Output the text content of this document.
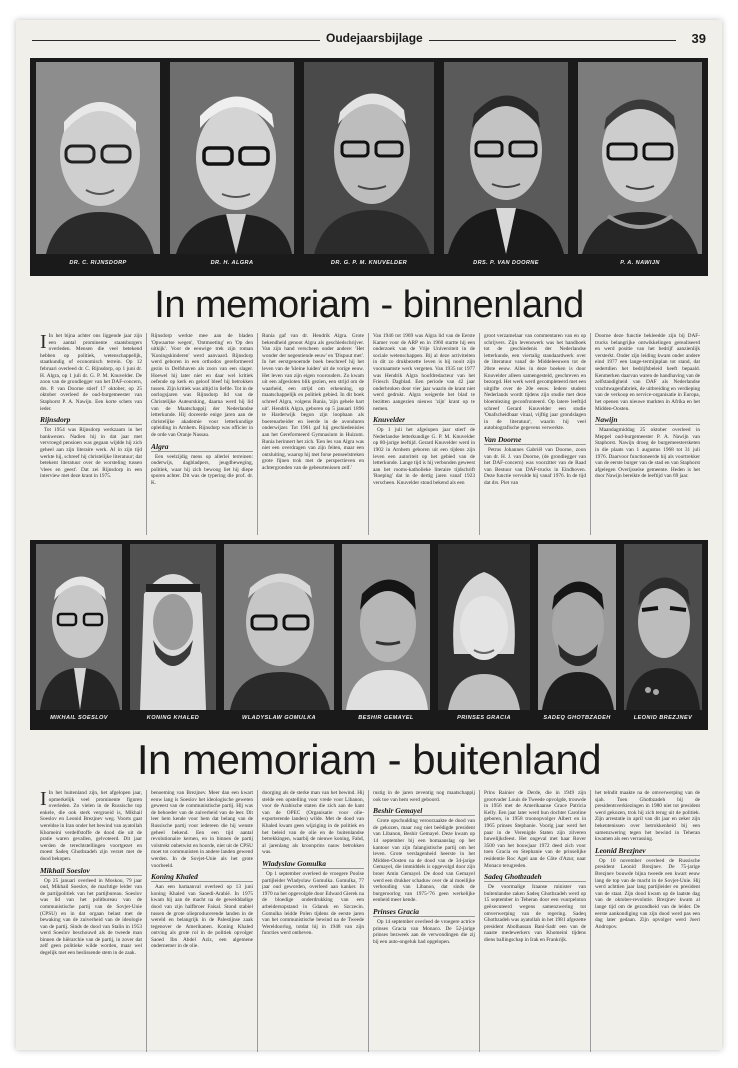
Oudejaarsbijlage	39
DR. C. RIJNSDORP	DR. H. ALGRA	DR. G. P. M. KNUVELDER	DRS. P. VAN DOORNE	P. A. NAWIJN
In memoriam - binnenland

I In het bijna achter ons liggende jaar zijn een aantal prominente staatsburgers overleden. Mensen die veel betekend hebben op politiek, wetenschappelijk, staatkundig of economisch terrein. Op 12 februari overleed dr. C. Rijnsdorp, op 1 juni dr. H. Algra, op 1 juli dr. G. P. M. Knuvelder. De zoon van de grondlegger van het DAF-concern, drs. P. van Doorne stierf 17 oktober, op 25 oktober overleed de oud-burgemeester van Staphorst P. A. Nawijn. Een korte schets van ieder.

Rijnsdorp

Tot 1954 was Rijnsdorp werkzaam in het bankwezen. Nadien hij in dat jaar met vervroegd pensioen was gegaan wijdde hij zich geheel aan zijn literaire werk. Al in zijn tijd werkte hij, schreef hij christelijke literatuur; dat betekent literatuur over de worsteling tussen 'vlees en geest'. Dat zei Rijnsdorp in een interview met deze krant in 1975.

Rijnsdorp werkte mee aan de bladen 'Opwaartse wegen', 'Ontmoeting' en 'Op den uitkijk'. Voor de eeuwige trek zijn roman 'Koningskinderen' werd aanvaard. Rijnsdorp werd geboren in een orthodox gereformeerd gezin in Delfshaven als zoon van een slager. Hoewel hij later niet en daar wel kritiek oefende op kerk en geloof bleef hij betrokken tussen. Zijn kritiek was altijd in liefde. Tot in de oorlogsjaren was Rijnsdorp lid van de Christelijke Auteursking, daarna werd hij lid van de Maatschappij der Nederlandse letterkunde. Hij doceerde enige jaren aan de christelijke akademie voor letterkundige opleiding in Arnhem. Rijnsdorp was officier in de orde van Oranje Nassau.

Algra

Een veelzijdig mens op allerlei terreinen: onderwijs, dagbladpers, jeugdbeweging, politiek, waar hij zich bewoog liet hij diepe sporen achter. Dit was de typering die prof. dr. K.

Runia gaf van dr. Hendrik Algra. Grote bekendheid genoot Algra als geschiedschrijver. Van zijn hand verscheen onder andere: 'Het wonder der negentiende eeuw' en 'Dispuut met'. In het eerstgenoemde boek beschreef hij het leven van de 'kleine luiden' uit de vorige eeuw. Het leven van zijn eigen voorouders. Zo kwam uit een afgesloten blik gezien, een strijd om de waarheid, een strijd om erkenning, op maatschappelijk en politiek gebied. In dit boek schreef Algra, volgens Runia, 'zijn gehele hart uit'. Hendrik Algra, geboren op 5 januari 1896 te Harderwijk begon zijn loopbaan als boerenarbeider en leerde in de avonduren onderwijzer. Tot 1961 gaf hij geschiedenisles aan het Gereformeerd Gymnasium in Huizum. Runia herinnert het zich. 'Een les van Algra was niet een overdragen van zijn feiten, maar een ontsluiting, waarop hij met forse penseelstreken grote fijnen trok met de perspectieven en achtergronden van de gebeurtenissen zelf.'

Van 1946 tot 1969 was Algra lid van de Eerste Kamer voor de ARP en in 1960 startte hij een onderzoek van de Vrije Universiteit in de sociale wetenschappen. Bij al deze activiteiten in dit zo drukbezette leven is hij nooit zijn voornaamste werk vergeten. Van 1935 tot 1977 was Hendrik Algra hoofdredacteur van het Friesch Dagblad. Een periode van 42 jaar onderbroken door vier jaar waarin de krant niet werd gedrukt. Algra weigerde het blad te bezitten aangezien nieuws 'zijn' krant op te nemen.

Knuvelder

Op 1 juli het afgelopen jaar stierf de Nederlandse letterkundige G. P. M. Knuvelder op 80-jarige leeftijd. Gerard Knuvelder werd in 1902 in Arnhem geboren uit een tijdens zijn leven een autoriteit op het gebied van de letterkunde. Lange tijd is hij verbonden geweest aan het rooms-katholieke literaire tijdschrift 'Roeping' dat in de dertig jaren vanaf 1923 verscheen. Knuvelder stond bekend als een

groot verzamelaar van commentaren van en op schrijvers. Zijn levenswerk was het handboek tot de geschiedenis der Nederlandse letterkunde, een viertalig standaardwerk over de literatuur vanaf de Middeleeuwen tot de 20ste eeuw. Alles in deze boeken is door Knuvelder alleen samengesteld, geschreven en bezorgd. Het werk werd gecompleteerd met een uitgifte over de 20e eeuw. Iedere student Nederlands wordt tijdens zijn studie met deze bloemlezing geconfronteerd. Op latere leeftijd schreef Gerard Knuvelder een studie 'Onafscheidbaar vitaal, vijftig jaar grondslagen in de literatuur', waarin hij veel autobiografische gegevens verwerkte.

Van Doorne

Petrus Johannes Gabriël van Doorne, zoon van dr. H. J. van Doorne, (de grondlegger van het DAF-concern) was voorzitter van de Raad van Bestuur van DAF-trucks in Eindhoven. Deze functie vervulde hij vanaf 1976. In de tijd dat drs. Piet van

Doorne deze functie bekleedde zijn bij DAF-trucks belangrijke ontwikkelingen gerealiseerd en werd positie van het bedrijf aanzienlijk versterkt. Onder zijn leiding kwam onder andere eind 1977 een lange-termijnplan tot stand, dat sedertdien het bedrijfsbeleid heeft bepaald. Kenmerken daarvan waren de handhaving van de zelfstandigheid van DAF als Nederlandse vrachtwagenfabriek, de uitbreiding en verdieping van de verkoop en service-organisatie in Europa, het openen van nieuwe markten in Afrika en het Midden-Oosten.

Nawijn

Maandagmiddag 25 oktober overleed in Meppel oud-burgemeester P. A. Nawijn van Staphorst. Nawijn droeg de burgemeestersketen in die plaats van 1 augustus 1968 tot 31 juli 1976. Daarvoor functioneerde hij als voortrekker van de eerste burger van de stad en van Staphorst afgelegen Overijsselse gemeente. Heden is het door Nawijn bereikte de leeftijd van 69 jaar.

MIKHAIL SOESLOV	KONING KHALED	WLADYSLAW GOMULKA	BESHIR GEMAYEL	PRINSES GRACIA	SADEQ GHOTBZADEH	LEONID BREZJNEV
In memoriam - buitenland

I In het buitenland zijn, het afgelopen jaar, opmerkelijk veel prominente figuren overleden. Zo vielen in de Russische top enkele, die ook sterk vergroeid is, Mikhail Soeslov en Leonid Brezjnev weg. Voorts gaat wereldse in Iran onder het bewind van ayatollah Khomeini verdelfstoffe de dood die uit de pratie waren gevallen, gelvoteerd. Dit jaar werden de terechtstellingen voortgezet en moest Sadeq Ghotbzadeh zijn verzet met de dood bekopen.

Mikhail Soeslov

Op 25 januari overleed in Moskou, 79 jaar oud, Mikhail Soeslov, de machtige leider van de partijpolitiek van het partijbureau. Soeslov was lid van het politbureau van de communistische partij van de Sovjet-Unie (CPSU) en in dat orgaan belast met de bewaking van de zuiverheid van de ideologie van de partij. Sinds de dood van Stalin in 1953 werd Soeslov beschouwd als de tweede man binnen de hiërarchie van de partij, in zover dat zelf geen politieke wilde worden, maar wel degelijk met een beslissende stem in de zaak.

benoeming van Brezjnev. Meer dan een kwart eeuw lang is Soeslov het ideologische geweten geweest van de communistische partij. Hij was de behoeder van de zuiverheid van de leer. Dit leer hem kende voor hem dat belang van de Russische partij voor iedereen die hij wenste geheel bekend. Een een tijd aantal revolutionaire kernen, en in binnen de partij volstrekt onbetwist en hoorde, niet uit de CPSU moet tot communisten in andere landen gewend werden. In de Sovjet-Unie als het grote voorbeeld.

Koning Khaled

Aan een hartaanval overleed op 13 juni koning Khaled van Saoedi-Arabië. In 1975 kwam hij aan de macht na de gewelddadige dood van zijn halfbroer Faisal. Stond stabiel tussen de grote olieproducerende landen in de wereld en belangrijk in de Palestijnse zaak tegenover de Amerikanen. Koning Khaled ontving als grote rol in de politiek opvolger Saoed Ibn Abdel Aziz, een algemene ondernemer in de olie.

doorging als de sterke man van het bewind. Hij stelde een opstelling voor vrede voor Libanon, voor de Arabische staten die zich aan de kant van de OPEC (Organisatie voor olie-exporterende landen) wilde. Met de dood van Khaled kwam geen wijziging in de politiek en het beleid van de olie en de buitenlandse betrekkingen, waarbij de nieuwe koning, Fahd, al jarenlang als kroonprins nauw betrokken was.

Wladyslaw Gomulka

Op 1 september overleed de vroegere Poolse partijleider Wladyslaw Gomulka. Gomulka, 77 jaar oud geworden, overleed aan kanker. In 1970 na het opgevolgde door Edward Gierek na de bloedige onderdrukking van een arbeidersopstand in Gdansk en Szczecin. Gomulka leidde Polen tijdens de eerste jaren van het communistische bewind na de Tweede Wereldoorlog, totdat hij in 1948 van zijn functies werd ontheven.

rustig in de jaren zeventig nog maatschappij ook toe van hem werd geboord.

Beshir Gemayel

Grote opschudding veroorzaakte de dood van de gekozen, maar nog niet beëdigde president van Libanon, Beshir Gemayel. Deze kwam op 14 september bij een bomaanslag op het kantoor van zijn falangistische partij om het leven. Grote verslagenheid heerste in het Midden-Oosten na de dood van de 34-jarige Gemayel, die immiddels is opgevolgd door zijn broer Amin Gemayel. De dood van Gemayel werd een drukker schaduw over de al moeilijke verhouding van Libanon, dat sinds de burgeroorlog van 1975-'76 geen werkelijke eenheid meer kende.

Prinses Gracia

Op 14 september overleed de vroegere actrice prinses Gracia van Monaco. De 52-jarige prinses bezweek aan de verwondingen die zij bij een auto-ongeluk had opgelopen.

Prins Rainier de Derde, die in 1949 zijn grootvader Louis de Tweede opvolgde, trouwde in 1956 met de Amerikaanse Grace Patricia Kelly. Een jaar later werd hun dochter Caroline geboren, in 1958 troonopvolger Albert en in 1965 prinses Stephanie. Voorig jaar werd het paar in de Verenigde Staten zijn zilveren huwelijksfeest. Het ongeval met haar Rover 3500 van het bouwjaar 1972 deed zich voor toen Gracia en Stephanie van de prinselijke residentie Roc Agel aan de Côte d'Azur, naar Monaco terugreden.

Sadeq Ghotbzadeh

De voormalige Iraanse minister van buitenlandse zaken Sadeq Ghotbzadeh werd op 15 september in Teheran door een vuurpeloton geëxecuteerd wegens samenzwering tot omverwerping van de regering. Sadeq Ghotbzadeh was ayatollah in het 1981 afgezette president Abolhassan Bani-Sadr een van de naaste medewerkers van Khomeini tijdens diens ballingschap in Irak en Frankrijk.

het telndit maakte na de omverwerping van de sjah. Toen Ghotbzadeh bij de presidentsverkiezingen in 1980 niet tot president werd gekozen, trok hij zich terug uit de politiek. Zijn arrestatie in april van dit jaar en zeker zijn bekentenissen over betrokkenheid bij een samenzwering tegen het bewind in Teheran kwamen als een verrassing.

Leonid Brezjnev

Op 10 november overleed de Russische president Leonid Brezjnev. De 75-jarige Brezjnev bouwde bijna tweede een kwart eeuw lang de top van de macht in de Sovjet-Unie. Hij werd achttien jaar lang partijleider en president van de staat. Zijn dood kwam op de laatste dag van de oktober-revolutie. Brezjnev kwam al lange tijd om de gezondheid van de leider. De eerste aankondiging van zijn dood werd pas een dag later gedaan. Zijn opvolger werd Joeri Andropov.
